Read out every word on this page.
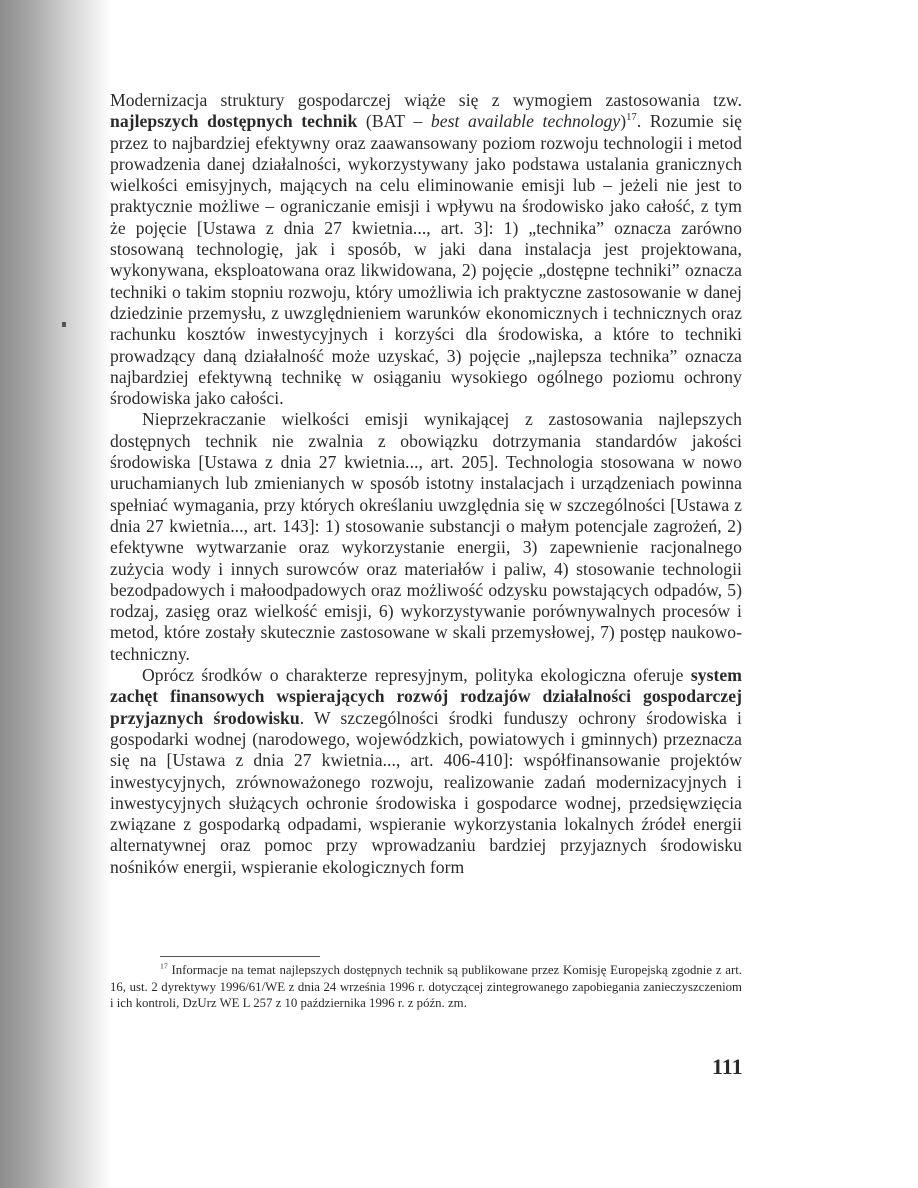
Modernizacja struktury gospodarczej wiąże się z wymogiem zastosowania tzw. najlepszych dostępnych technik (BAT – best available technology)$^{17}$. Rozumie się przez to najbardziej efektywny oraz zaawansowany poziom rozwoju technologii i metod prowadzenia danej działalności, wykorzystywany jako podstawa ustalania granicznych wielkości emisyjnych, mających na celu eliminowanie emisji lub – jeżeli nie jest to praktycznie możliwe – ograniczanie emisji i wpływu na środowisko jako całość, z tym że pojęcie [Ustawa z dnia 27 kwietnia..., art. 3]: 1) „technika” oznacza zarówno stosowaną technologię, jak i sposób, w jaki dana instalacja jest projektowana, wykonywana, eksploatowana oraz likwidowana, 2) pojęcie „dostępne techniki” oznacza techniki o takim stopniu rozwoju, który umożliwia ich praktyczne zastosowanie w danej dziedzinie przemysłu, z uwzględnieniem warunków ekonomicznych i technicznych oraz rachunku kosztów inwestycyjnych i korzyści dla środowiska, a które to techniki prowadzący daną działalność może uzyskać, 3) pojęcie „najlepsza technika” oznacza najbardziej efektywną technikę w osiąganiu wysokiego ogólnego poziomu ochrony środowiska jako całości.

Nieprzekraczanie wielkości emisji wynikającej z zastosowania najlepszych dostępnych technik nie zwalnia z obowiązku dotrzymania standardów jakości środowiska [Ustawa z dnia 27 kwietnia..., art. 205]. Technologia stosowana w nowo uruchamianych lub zmienianych w sposób istotny instalacjach i urządzeniach powinna spełniać wymagania, przy których określaniu uwzględnia się w szczególności [Ustawa z dnia 27 kwietnia..., art. 143]: 1) stosowanie substancji o małym potencjale zagrożeń, 2) efektywne wytwarzanie oraz wykorzystanie energii, 3) zapewnienie racjonalnego zużycia wody i innych surowców oraz materiałów i paliw, 4) stosowanie technologii bezodpadowych i małoodpadowych oraz możliwość odzysku powstających odpadów, 5) rodzaj, zasięg oraz wielkość emisji, 6) wykorzystywanie porównywalnych procesów i metod, które zostały skutecznie zastosowane w skali przemysłowej, 7) postęp naukowo-techniczny.

Oprócz środków o charakterze represyjnym, polityka ekologiczna oferuje system zachęt finansowych wspierających rozwój rodzajów działalności gospodarczej przyjaznych środowisku. W szczególności środki funduszy ochrony środowiska i gospodarki wodnej (narodowego, wojewódzkich, powiatowych i gminnych) przeznacza się na [Ustawa z dnia 27 kwietnia..., art. 406-410]: współfinansowanie projektów inwestycyjnych, zrównoważonego rozwoju, realizowanie zadań modernizacyjnych i inwestycyjnych służących ochronie środowiska i gospodarce wodnej, przedsięwzięcia związane z gospodarką odpadami, wspieranie wykorzystania lokalnych źródeł energii alternatywnej oraz pomoc przy wprowadzaniu bardziej przyjaznych środowisku nośników energii, wspieranie ekologicznych form

$^{17}$ Informacje na temat najlepszych dostępnych technik są publikowane przez Komisję Europejską zgodnie z art. 16, ust. 2 dyrektywy 1996/61/WE z dnia 24 września 1996 r. dotyczącej zintegrowanego zapobiegania zanieczyszczeniom i ich kontroli, DzUrz WE L 257 z 10 października 1996 r. z późn. zm.

111
